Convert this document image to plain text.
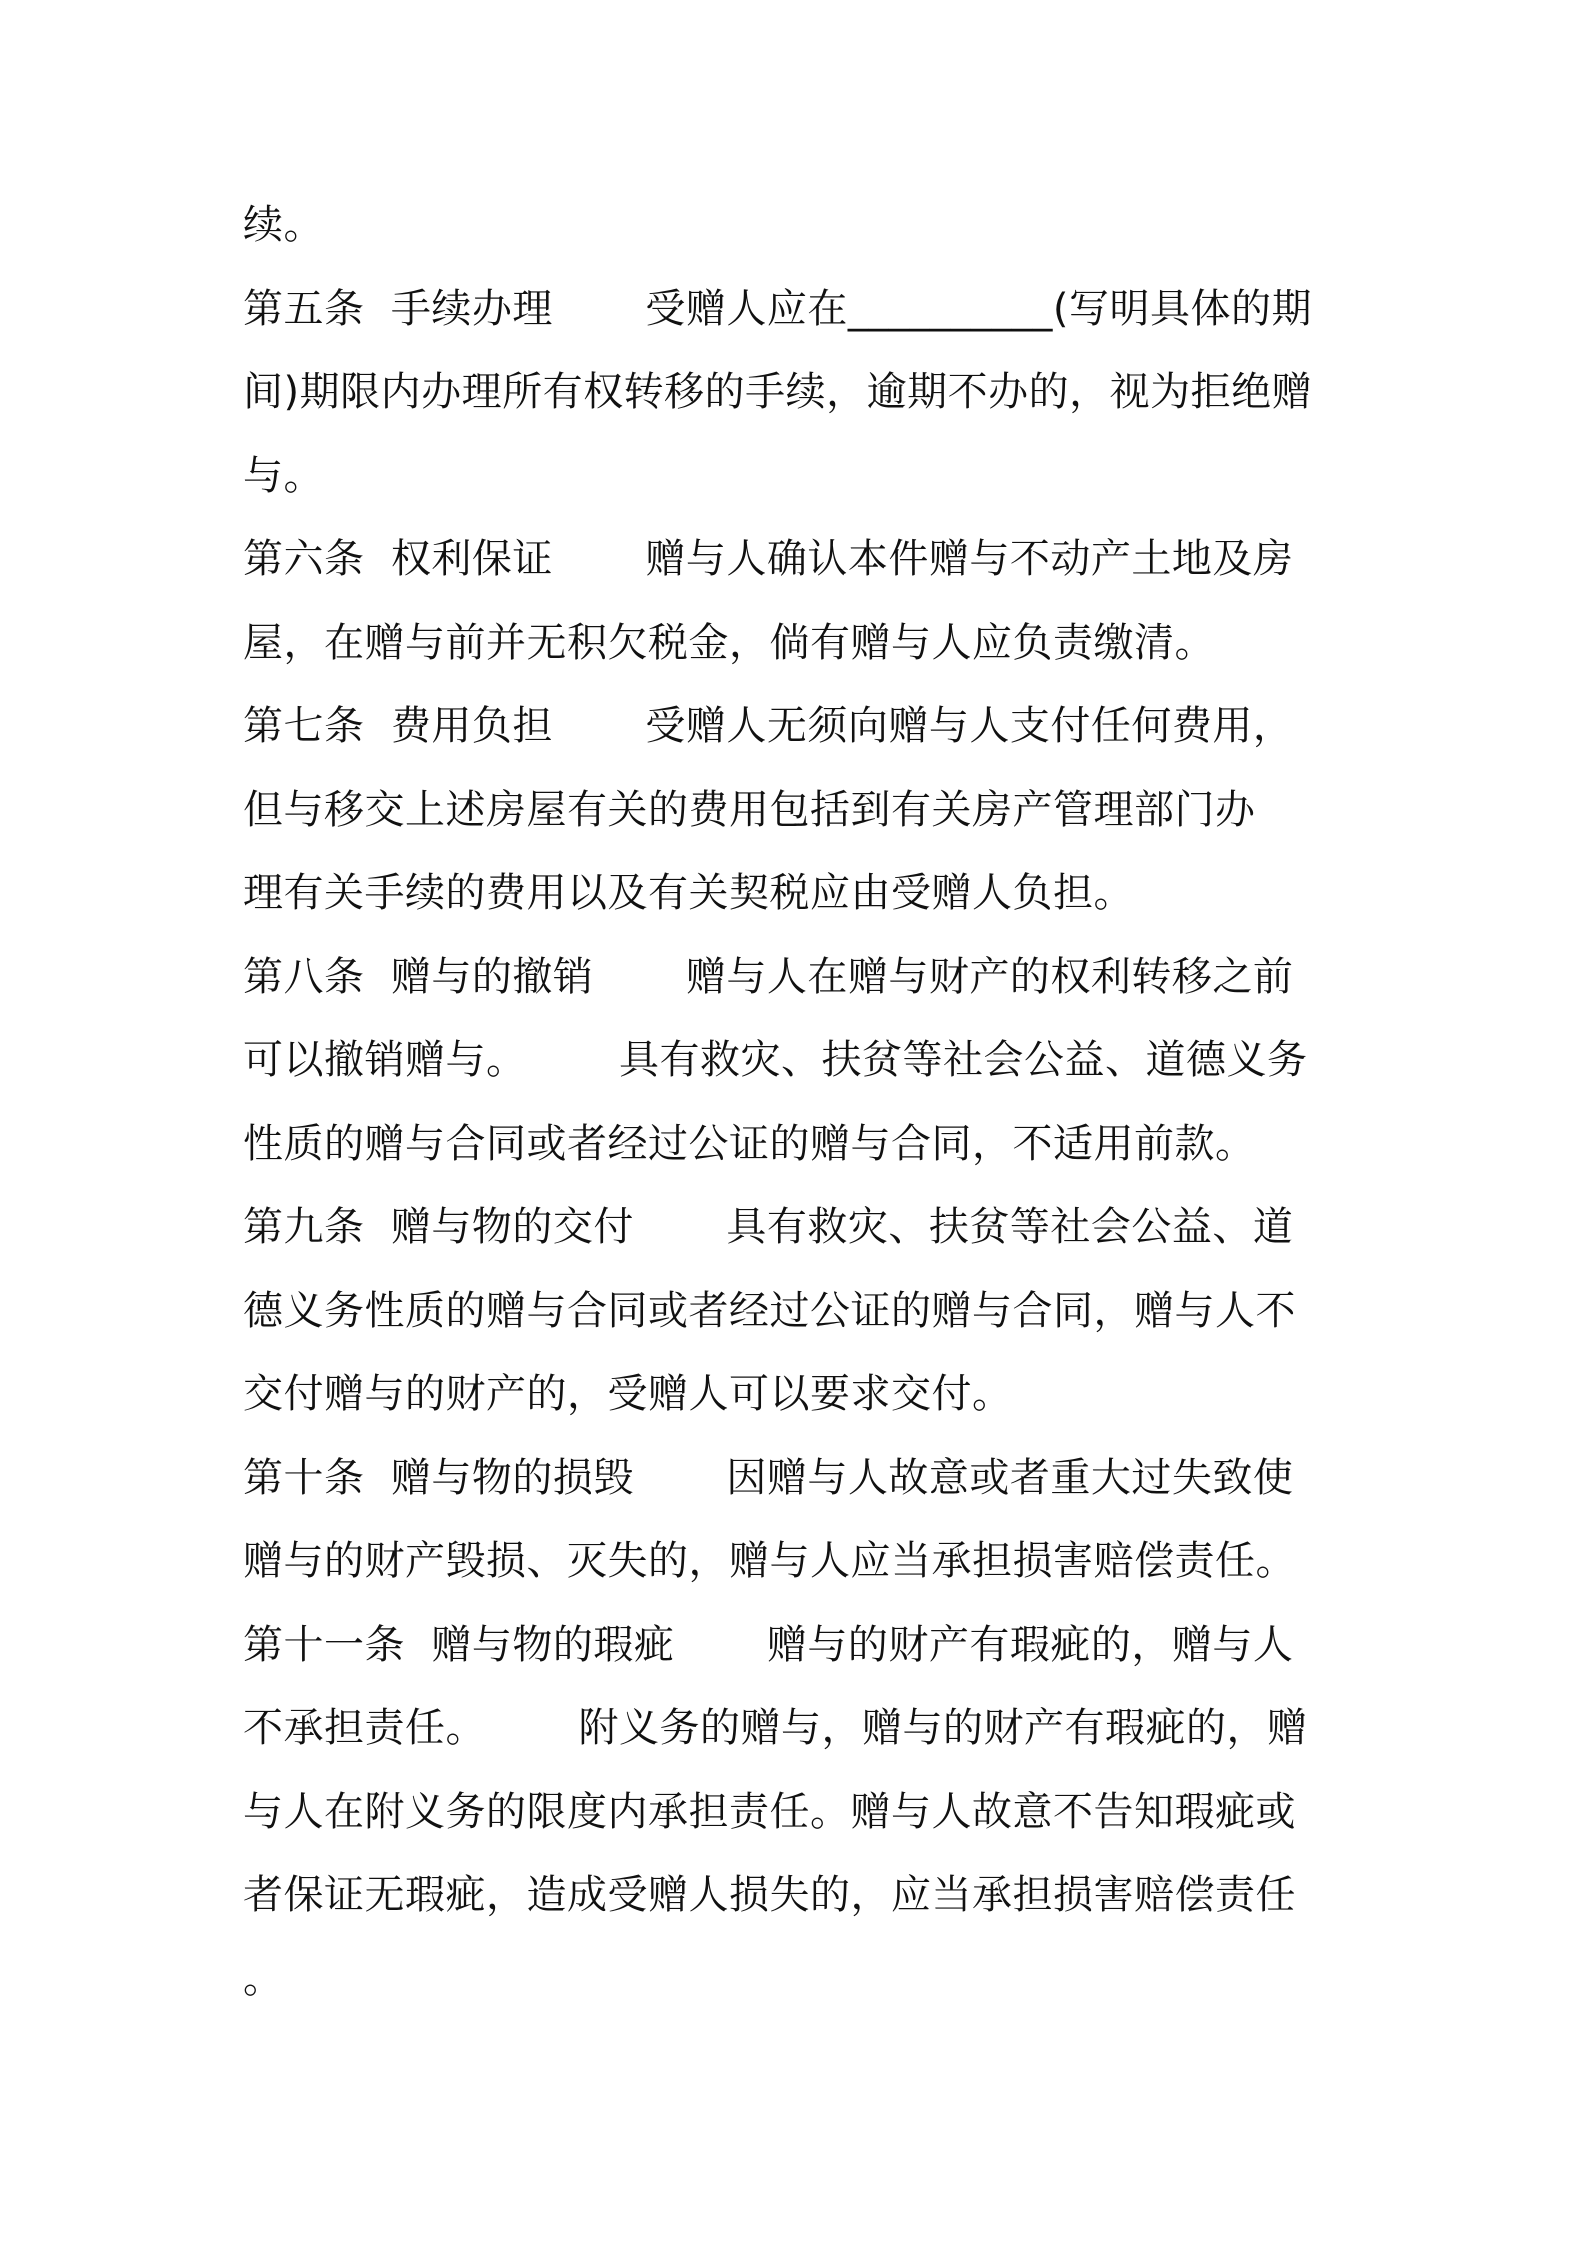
续。
第五条  手续办理       受赠人应在__________(写明具体的期
间)期限内办理所有权转移的手续，逾期不办的，视为拒绝赠
与。
第六条  权利保证       赠与人确认本件赠与不动产土地及房
屋，在赠与前并无积欠税金，倘有赠与人应负责缴清。
第七条  费用负担       受赠人无须向赠与人支付任何费用，
但与移交上述房屋有关的费用包括到有关房产管理部门办
理有关手续的费用以及有关契税应由受赠人负担。
第八条  赠与的撤销       赠与人在赠与财产的权利转移之前
可以撤销赠与。       具有救灾、扶贫等社会公益、道德义务
性质的赠与合同或者经过公证的赠与合同，不适用前款。
第九条  赠与物的交付       具有救灾、扶贫等社会公益、道
德义务性质的赠与合同或者经过公证的赠与合同，赠与人不
交付赠与的财产的，受赠人可以要求交付。
第十条  赠与物的损毁       因赠与人故意或者重大过失致使
赠与的财产毁损、灭失的，赠与人应当承担损害赔偿责任。
第十一条  赠与物的瑕疵       赠与的财产有瑕疵的，赠与人
不承担责任。       附义务的赠与，赠与的财产有瑕疵的，赠
与人在附义务的限度内承担责任。赠与人故意不告知瑕疵或
者保证无瑕疵，造成受赠人损失的，应当承担损害赔偿责任
。
